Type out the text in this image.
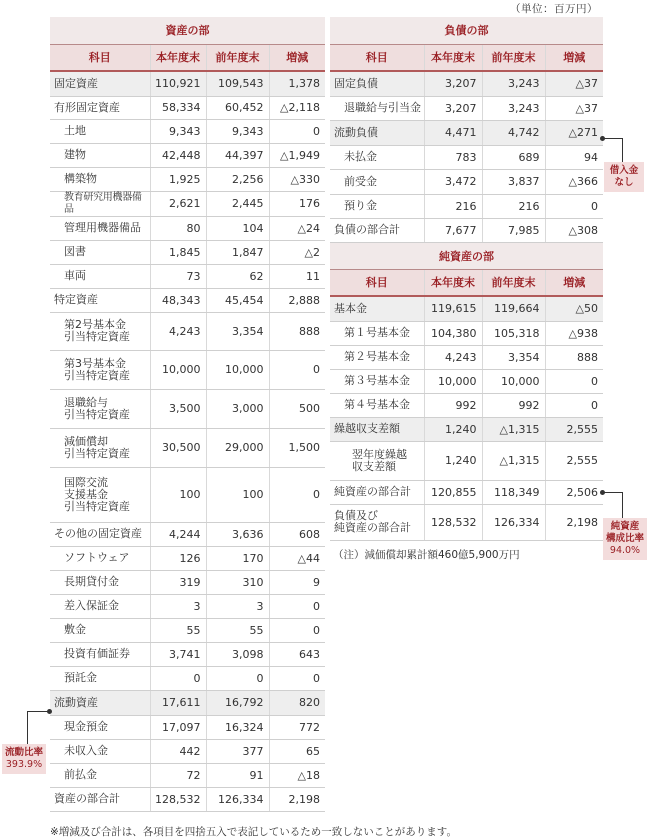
（単位：百万円）
資産の部			
科目	本年度末	前年度末	増減
固定資産	110,921	109,543	1,378
有形固定資産	58,334	60,452	△2,118
土地	9,343	9,343	0
建物	42,448	44,397	△1,949
構築物	1,925	2,256	△330
教育研究用機器備品	2,621	2,445	176
管理用機器備品	80	104	△24
図書	1,845	1,847	△2
車両	73	62	11
特定資産	48,343	45,454	2,888
第2号基本金
引当特定資産	4,243	3,354	888
第3号基本金
引当特定資産	10,000	10,000	0
退職給与
引当特定資産	3,500	3,000	500
減価償却
引当特定資産	30,500	29,000	1,500
国際交流
支援基金
引当特定資産	100	100	0
その他の固定資産	4,244	3,636	608
ソフトウェア	126	170	△44
長期貸付金	319	310	9
差入保証金	3	3	0
敷金	55	55	0
投資有価証券	3,741	3,098	643
預託金	0	0	0
流動資産	17,611	16,792	820
現金預金	17,097	16,324	772
未収入金	442	377	65
前払金	72	91	△18
資産の部合計	128,532	126,334	2,198
負債の部			
科目	本年度末	前年度末	増減
固定負債	3,207	3,243	△37
退職給与引当金	3,207	3,243	△37
流動負債	4,471	4,742	△271
未払金	783	689	94
前受金	3,472	3,837	△366
預り金	216	216	0
負債の部合計	7,677	7,985	△308
純資産の部			
科目	本年度末	前年度末	増減
基本金	119,615	119,664	△50
第１号基本金	104,380	105,318	△938
第２号基本金	4,243	3,354	888
第３号基本金	10,000	10,000	0
第４号基本金	992	992	0
繰越収支差額	1,240	△1,315	2,555
翌年度繰越
収支差額	1,240	△1,315	2,555
純資産の部合計	120,855	118,349	2,506
負債及び
純資産の部合計	128,532	126,334	2,198
（注）減価償却累計額460億5,900万円
※増減及び合計は、各項目を四捨五入で表記しているため一致しないことがあります。
借入金
なし
純資産
構成比率
94.0%
流動比率
393.9%
